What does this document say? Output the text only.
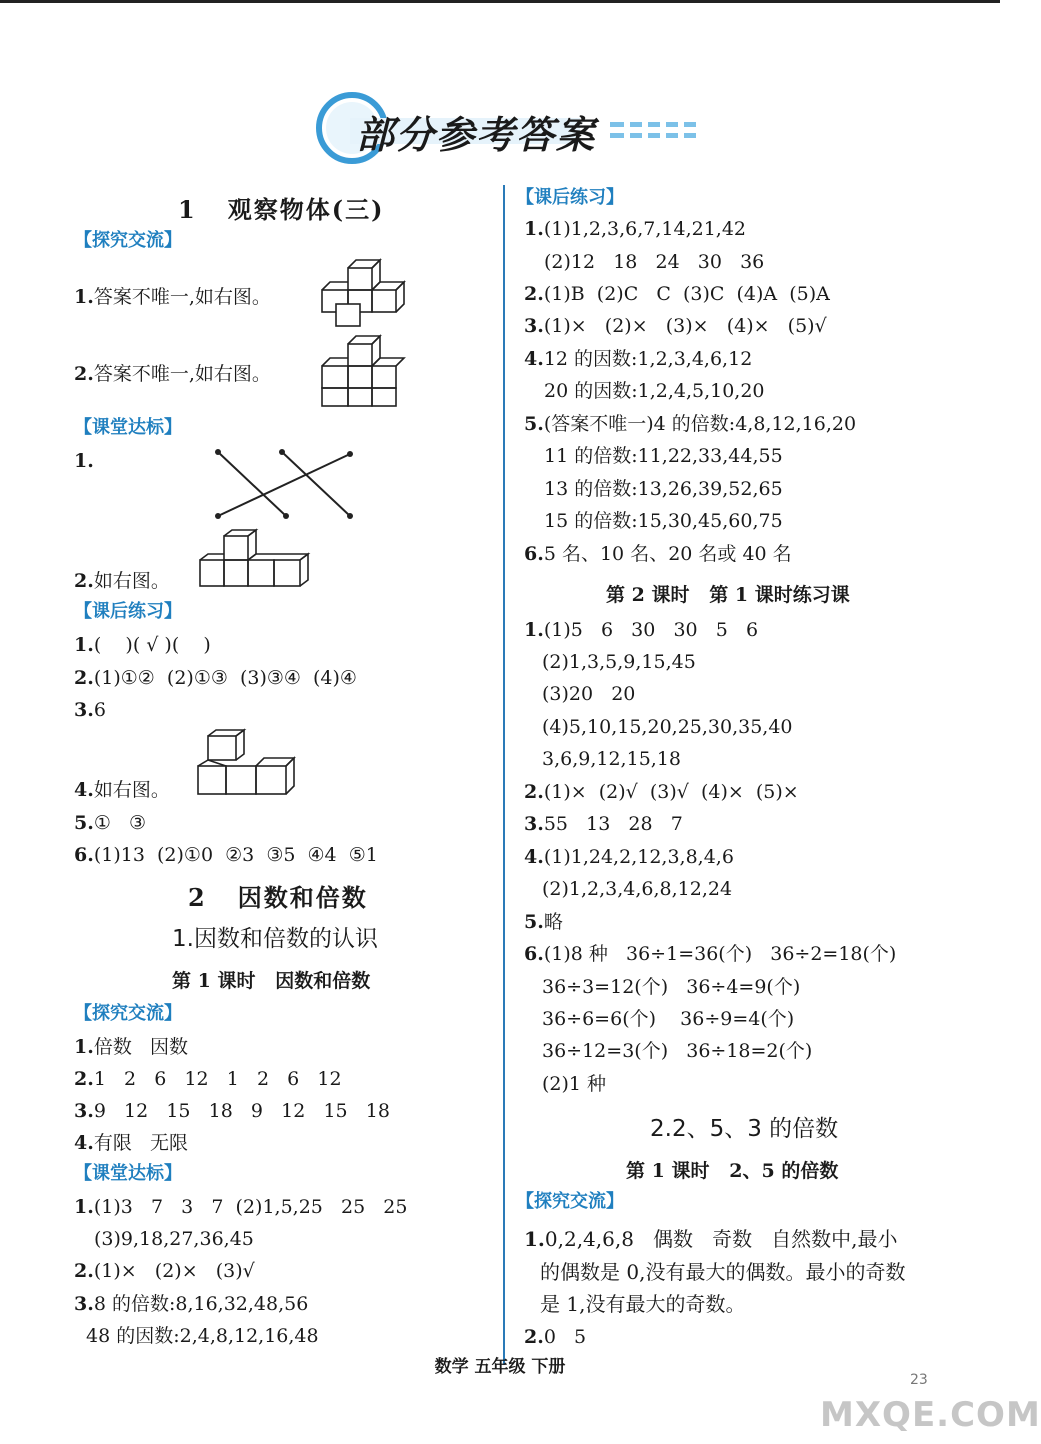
部分参考答案
1   观察物体(三)
【探究交流】
1.答案不唯一,如右图。
2.答案不唯一,如右图。
【课堂达标】
1.
2.如右图。
【课后练习】
1.(    )( √ )(    )
2.(1)①②  (2)①③  (3)③④  (4)④
3.6
4.如右图。
5.①   ③
6.(1)13  (2)①0  ②3  ③5  ④4  ⑤1
2   因数和倍数
1.因数和倍数的认识
第 1 课时   因数和倍数
【探究交流】
1.倍数   因数
2.1   2   6   12   1   2   6   12
3.9   12   15   18   9   12   15   18
4.有限   无限
【课堂达标】
1.(1)3   7   3   7  (2)1,5,25   25   25
(3)9,18,27,36,45
2.(1)×   (2)×   (3)√
3.8 的倍数:8,16,32,48,56
48 的因数:2,4,8,12,16,48
【课后练习】
1.(1)1,2,3,6,7,14,21,42
(2)12   18   24   30   36
2.(1)B  (2)C   C  (3)C  (4)A  (5)A
3.(1)×   (2)×   (3)×   (4)×   (5)√
4.12 的因数:1,2,3,4,6,12
20 的因数:1,2,4,5,10,20
5.(答案不唯一)4 的倍数:4,8,12,16,20
11 的倍数:11,22,33,44,55
13 的倍数:13,26,39,52,65
15 的倍数:15,30,45,60,75
6.5 名、10 名、20 名或 40 名
第 2 课时   第 1 课时练习课
1.(1)5   6   30   30   5   6
(2)1,3,5,9,15,45
(3)20   20
(4)5,10,15,20,25,30,35,40
3,6,9,12,15,18
2.(1)×  (2)√  (3)√  (4)×  (5)×
3.55   13   28   7
4.(1)1,24,2,12,3,8,4,6
(2)1,2,3,4,6,8,12,24
5.略
6.(1)8 种   36÷1=36(个)   36÷2=18(个)
36÷3=12(个)   36÷4=9(个)
36÷6=6(个)    36÷9=4(个)
36÷12=3(个)   36÷18=2(个)
(2)1 种
2.2、5、3 的倍数
第 1 课时   2、5 的倍数
【探究交流】
1.0,2,4,6,8   偶数   奇数   自然数中,最小
的偶数是 0,没有最大的偶数。最小的奇数
是 1,没有最大的奇数。
2.0   5
数学 五年级 下册
23
MXQE.COM
